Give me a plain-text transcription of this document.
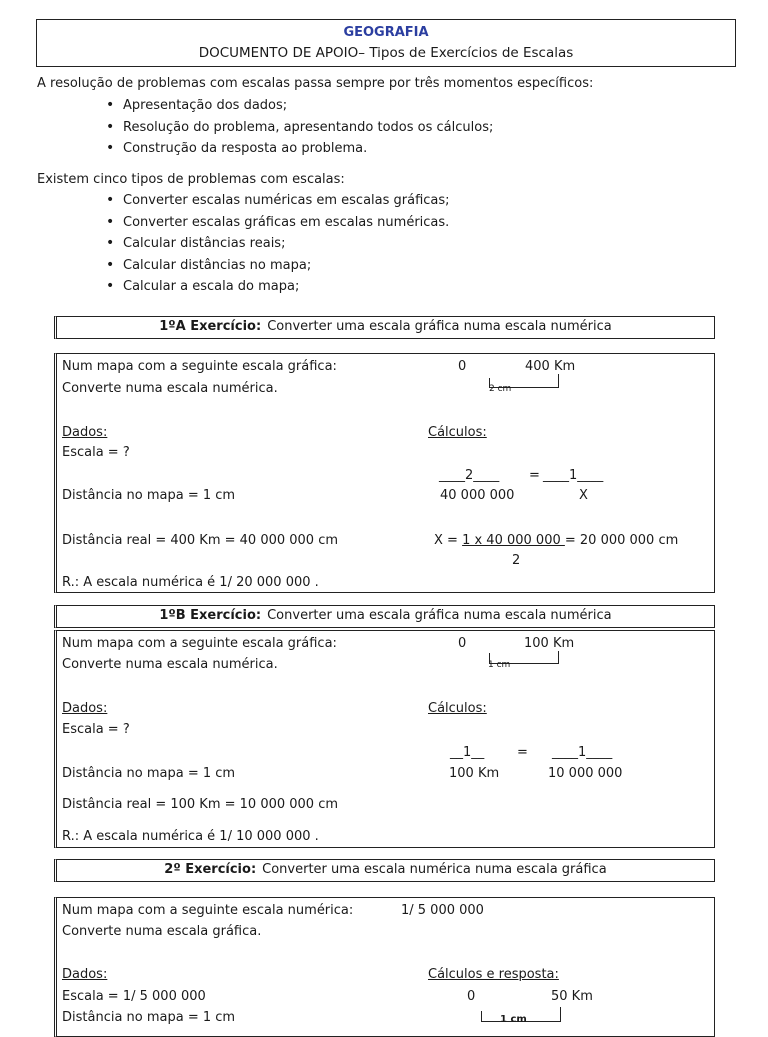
GEOGRAFIA
DOCUMENTO DE APOIO– Tipos de Exercícios de Escalas
A resolução de problemas com escalas passa sempre por três momentos específicos:
• Apresentação dos dados;
• Resolução do problema, apresentando todos os cálculos;
• Construção da resposta ao problema.
Existem cinco tipos de problemas com escalas:
• Converter escalas numéricas em escalas gráficas;
• Converter escalas gráficas em escalas numéricas.
• Calcular distâncias reais;
• Calcular distâncias no mapa;
• Calcular a escala do mapa;
1ºA Exercício: Converter uma escala gráfica numa escala numérica
Num mapa com a seguinte escala gráfica:
Converte numa escala numérica.
0	400 Km
2 cm
Dados:	Cálculos:
Escala = ?
____2____ = ____1____
40 000 000	X
Distância no mapa = 1 cm
Distância real = 400 Km = 40 000 000 cm	X = 1 x 40 000 000 = 20 000 000 cm
2
R.: A escala numérica é 1/ 20 000 000 .
1ºB Exercício: Converter uma escala gráfica numa escala numérica
Num mapa com a seguinte escala gráfica:
Converte numa escala numérica.
0	100 Km
1 cm
Dados:	Cálculos:
Escala = ?
__1__	= ____1____
100 Km	10 000 000
Distância no mapa = 1 cm
Distância real = 100 Km = 10 000 000 cm
R.: A escala numérica é 1/ 10 000 000 .
2º Exercício: Converter uma escala numérica numa escala gráfica
Num mapa com a seguinte escala numérica:	1/ 5 000 000
Converte numa escala gráfica.
Dados:	Cálculos e resposta:
Escala = 1/ 5 000 000
Distância no mapa = 1 cm
0	50 Km
1 cm
